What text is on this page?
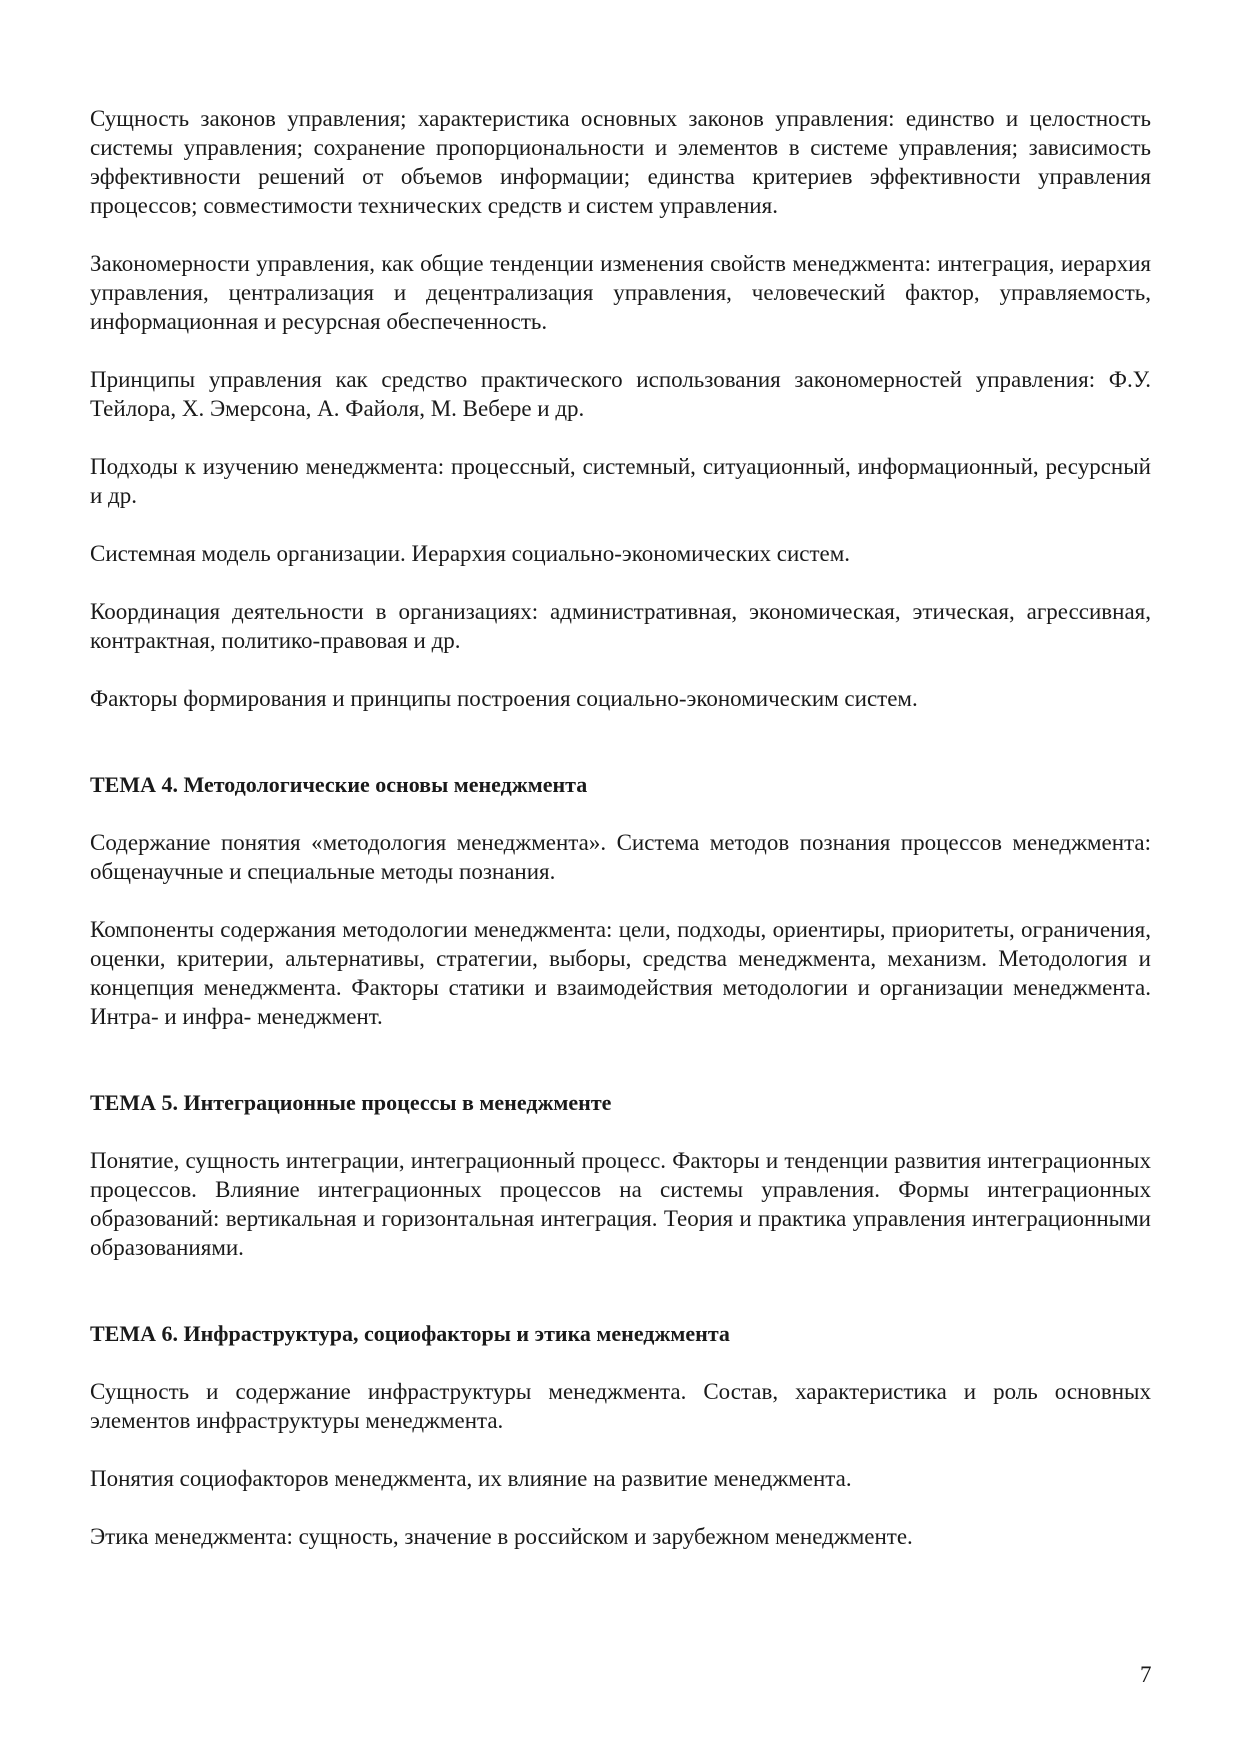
Сущность законов управления; характеристика основных законов управления: единство и целостность системы управления; сохранение пропорциональности и элементов в системе управления; зависимость эффективности решений от объемов информации; единства критериев эффективности управления процессов; совместимости технических средств и систем управления.

Закономерности управления, как общие тенденции изменения свойств менеджмента: интеграция, иерархия управления, централизация и децентрализация управления, человеческий фактор, управляемость, информационная и ресурсная обеспеченность.

Принципы управления как средство практического использования закономерностей управления: Ф.У. Тейлора, Х. Эмерсона, А. Файоля, М. Вебере и др.

Подходы к изучению менеджмента: процессный, системный, ситуационный, информационный, ресурсный и др.

Системная модель организации. Иерархия социально-экономических систем.

Координация деятельности в организациях: административная, экономическая, этическая, агрессивная, контрактная, политико-правовая и др.

Факторы формирования и принципы построения социально-экономическим систем.

ТЕМА 4. Методологические основы менеджмента

Содержание понятия «методология менеджмента». Система методов познания процессов менеджмента: общенаучные и специальные методы познания.

Компоненты содержания методологии менеджмента: цели, подходы, ориентиры, приоритеты, ограничения, оценки, критерии, альтернативы, стратегии, выборы, средства менеджмента, механизм. Методология и концепция менеджмента. Факторы статики и взаимодействия методологии и организации менеджмента. Интра- и инфра- менеджмент.

ТЕМА 5. Интеграционные процессы в менеджменте

Понятие, сущность интеграции, интеграционный процесс. Факторы и тенденции развития интеграционных процессов. Влияние интеграционных процессов на системы управления. Формы интеграционных образований: вертикальная и горизонтальная интеграция. Теория и практика управления интеграционными образованиями.

ТЕМА 6. Инфраструктура, социофакторы и этика менеджмента

Сущность и содержание инфраструктуры менеджмента. Состав, характеристика и роль основных элементов инфраструктуры менеджмента.

Понятия социофакторов менеджмента, их влияние на развитие менеджмента.

Этика менеджмента: сущность, значение в российском и зарубежном менеджменте.

7
